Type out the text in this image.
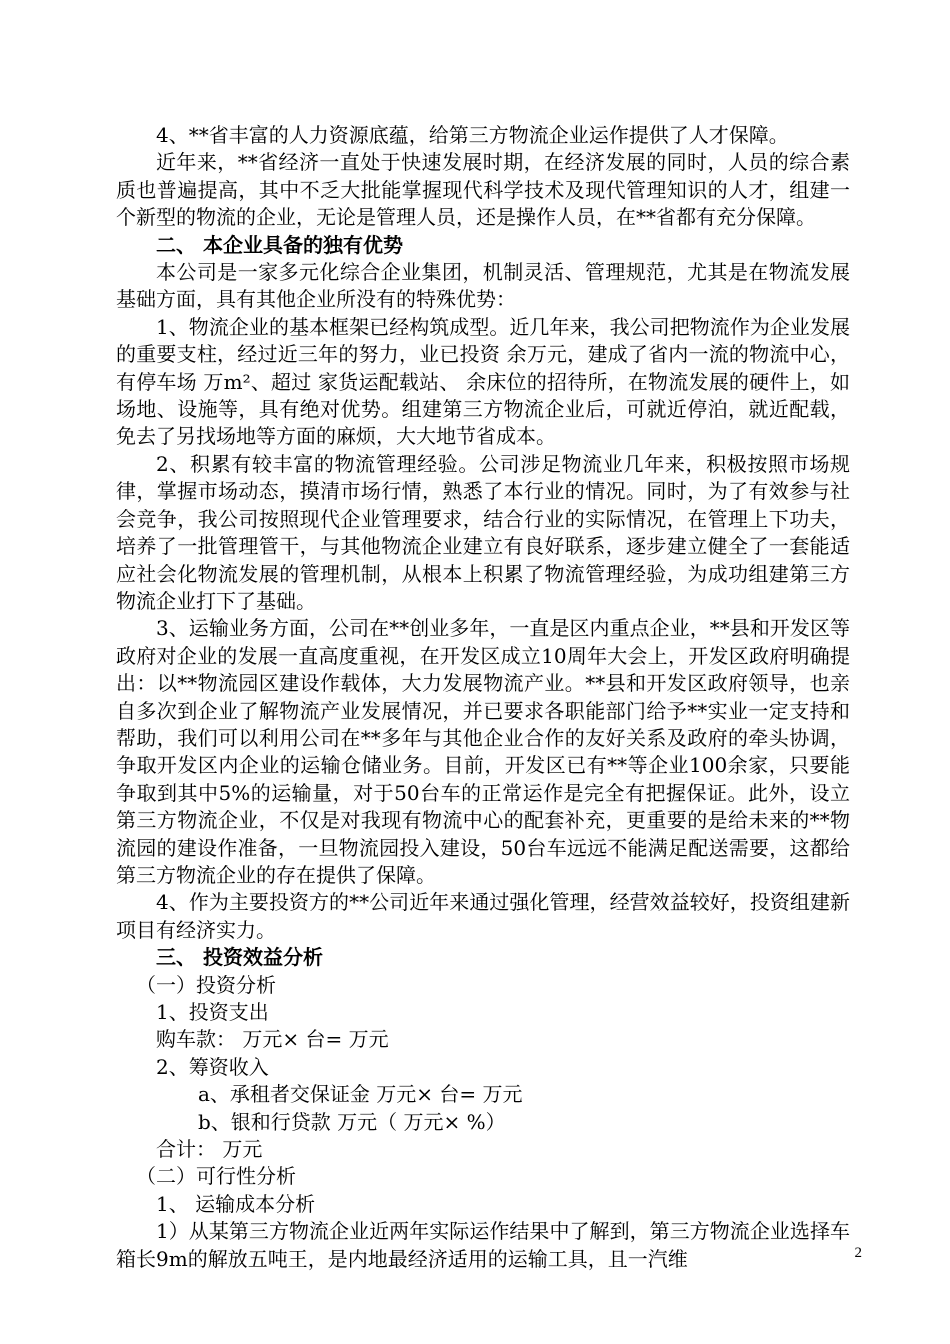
4、**省丰富的人力资源底蕴，给第三方物流企业运作提供了人才保障。

近年来，**省经济一直处于快速发展时期，在经济发展的同时，人员的综合素质也普遍提高，其中不乏大批能掌握现代科学技术及现代管理知识的人才，组建一个新型的物流的企业，无论是管理人员，还是操作人员，在**省都有充分保障。

二、 本企业具备的独有优势

本公司是一家多元化综合企业集团，机制灵活、管理规范，尤其是在物流发展基础方面，具有其他企业所没有的特殊优势：

1、物流企业的基本框架已经构筑成型。近几年来，我公司把物流作为企业发展的重要支柱，经过近三年的努力，业已投资 余万元，建成了省内一流的物流中心，有停车场 万m²、超过 家货运配载站、 余床位的招待所，在物流发展的硬件上，如场地、设施等，具有绝对优势。组建第三方物流企业后，可就近停泊，就近配载，免去了另找场地等方面的麻烦，大大地节省成本。

2、积累有较丰富的物流管理经验。公司涉足物流业几年来，积极按照市场规律，掌握市场动态，摸清市场行情，熟悉了本行业的情况。同时，为了有效参与社会竞争，我公司按照现代企业管理要求，结合行业的实际情况，在管理上下功夫，培养了一批管理管干，与其他物流企业建立有良好联系，逐步建立健全了一套能适应社会化物流发展的管理机制，从根本上积累了物流管理经验，为成功组建第三方物流企业打下了基础。

3、运输业务方面，公司在**创业多年，一直是区内重点企业，**县和开发区等政府对企业的发展一直高度重视，在开发区成立10周年大会上，开发区政府明确提出：以**物流园区建设作载体，大力发展物流产业。**县和开发区政府领导，也亲自多次到企业了解物流产业发展情况，并已要求各职能部门给予**实业一定支持和帮助，我们可以利用公司在**多年与其他企业合作的友好关系及政府的牵头协调，争取开发区内企业的运输仓储业务。目前，开发区已有**等企业100余家，只要能争取到其中5%的运输量，对于50台车的正常运作是完全有把握保证。此外，设立第三方物流企业，不仅是对我现有物流中心的配套补充，更重要的是给未来的**物流园的建设作准备，一旦物流园投入建设，50台车远远不能满足配送需要，这都给第三方物流企业的存在提供了保障。

4、作为主要投资方的**公司近年来通过强化管理，经营效益较好，投资组建新项目有经济实力。

三、 投资效益分析

（一）投资分析

1、投资支出

购车款： 万元× 台= 万元

2、筹资收入

a、承租者交保证金 万元× 台= 万元

b、银和行贷款 万元（ 万元× %）

合计： 万元

（二）可行性分析

1、 运输成本分析

1）从某第三方物流企业近两年实际运作结果中了解到，第三方物流企业选择车箱长9m的解放五吨王，是内地最经济适用的运输工具，且一汽维	2
